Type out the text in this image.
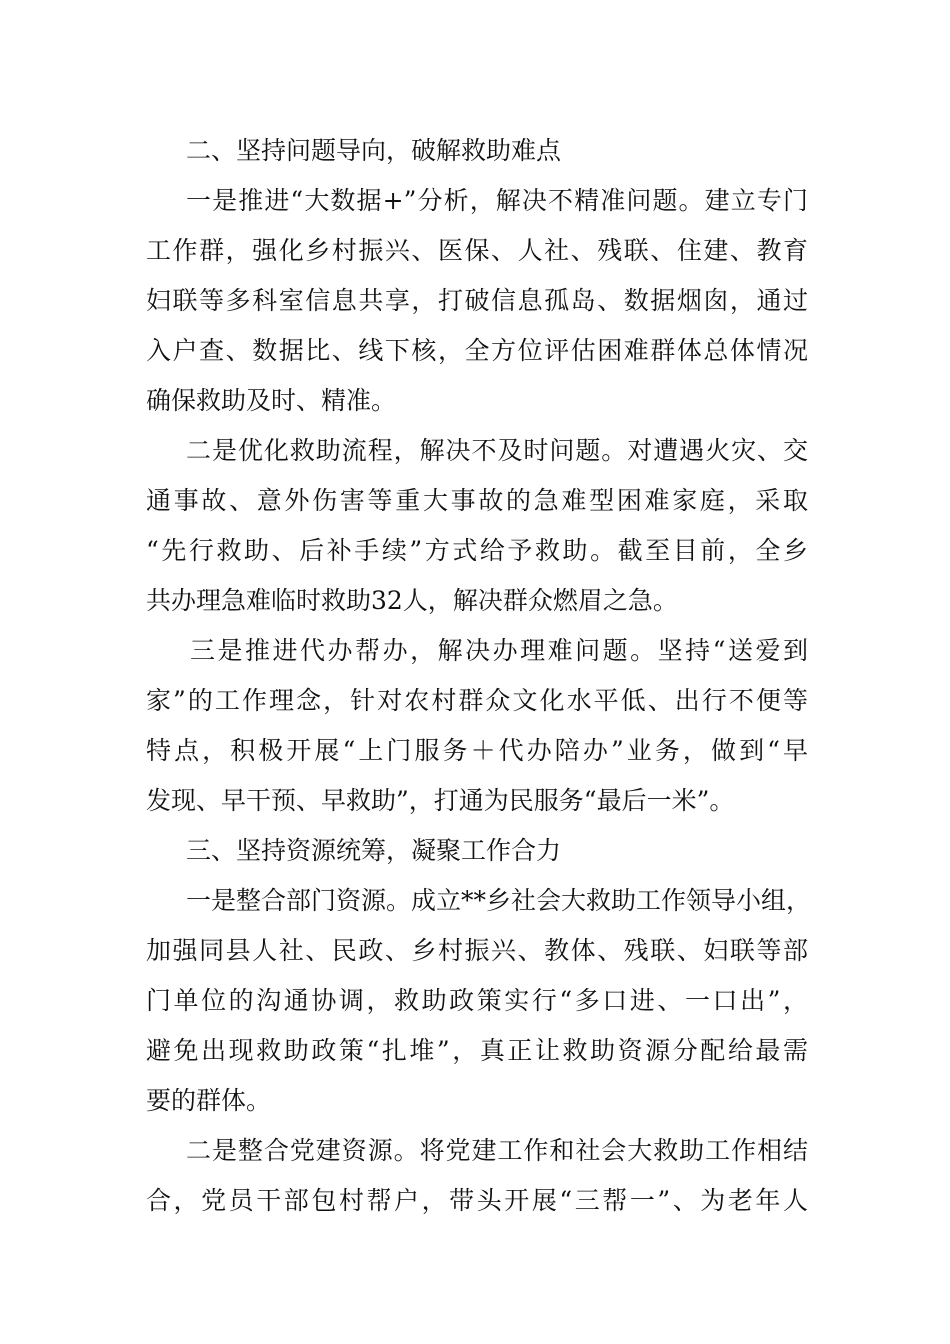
二、坚持问题导向，破解救助难点
一是推进“大数据+”分析，解决不精准问题。建立专门
工作群，强化乡村振兴、医保、人社、残联、住建、教育
妇联等多科室信息共享，打破信息孤岛、数据烟囱，通过
入户查、数据比、线下核，全方位评估困难群体总体情况
确保救助及时、精准。
二是优化救助流程，解决不及时问题。对遭遇火灾、交
通事故、意外伤害等重大事故的急难型困难家庭，采取
“先行救助、后补手续”方式给予救助。截至目前，全乡
共办理急难临时救助32人，解决群众燃眉之急。
三是推进代办帮办，解决办理难问题。坚持“送爱到
家”的工作理念，针对农村群众文化水平低、出行不便等
特点，积极开展“上门服务＋代办陪办”业务，做到“早
发现、早干预、早救助”，打通为民服务“最后一米”。
三、坚持资源统筹，凝聚工作合力
一是整合部门资源。成立**乡社会大救助工作领导小组，
加强同县人社、民政、乡村振兴、教体、残联、妇联等部
门单位的沟通协调，救助政策实行“多口进、一口出”，
避免出现救助政策“扎堆”，真正让救助资源分配给最需
要的群体。
二是整合党建资源。将党建工作和社会大救助工作相结
合，党员干部包村帮户，带头开展“三帮一”、为老年人
